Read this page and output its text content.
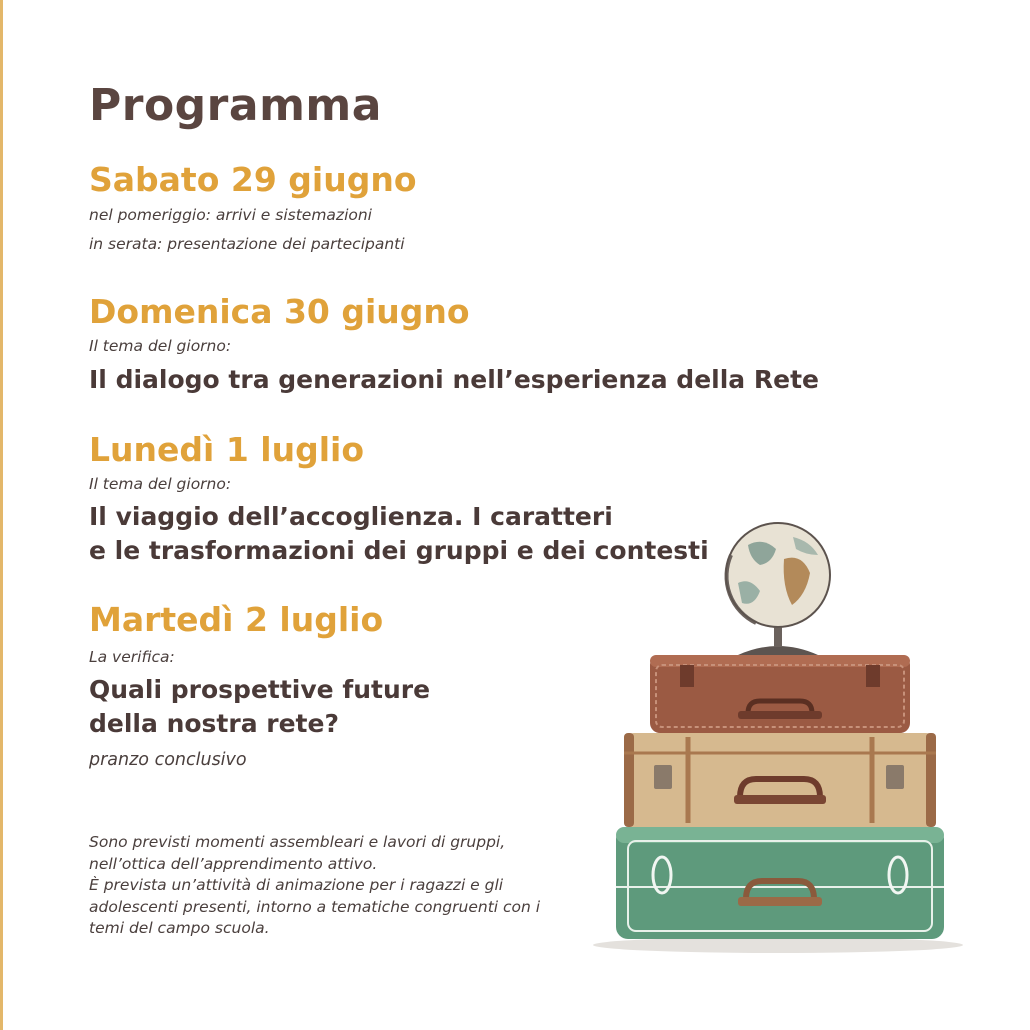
Programma
Sabato 29 giugno

nel pomeriggio: arrivi e sistemazioni

in serata: presentazione dei partecipanti

Domenica 30 giugno

Il tema del giorno:

Il dialogo tra generazioni nell’esperienza della Rete

Lunedì 1 luglio

Il tema del giorno:

Il viaggio dell’accoglienza. I caratteri

e le trasformazioni dei gruppi e dei contesti

Martedì 2 luglio

La verifica:

Quali prospettive future

della nostra rete?

pranzo conclusivo

Sono previsti momenti assembleari e lavori di gruppi,
nell’ottica dell’apprendimento attivo.
È prevista un’attività di animazione per i ragazzi e gli
adolescenti presenti, intorno a tematiche congruenti con i
temi del campo scuola.
